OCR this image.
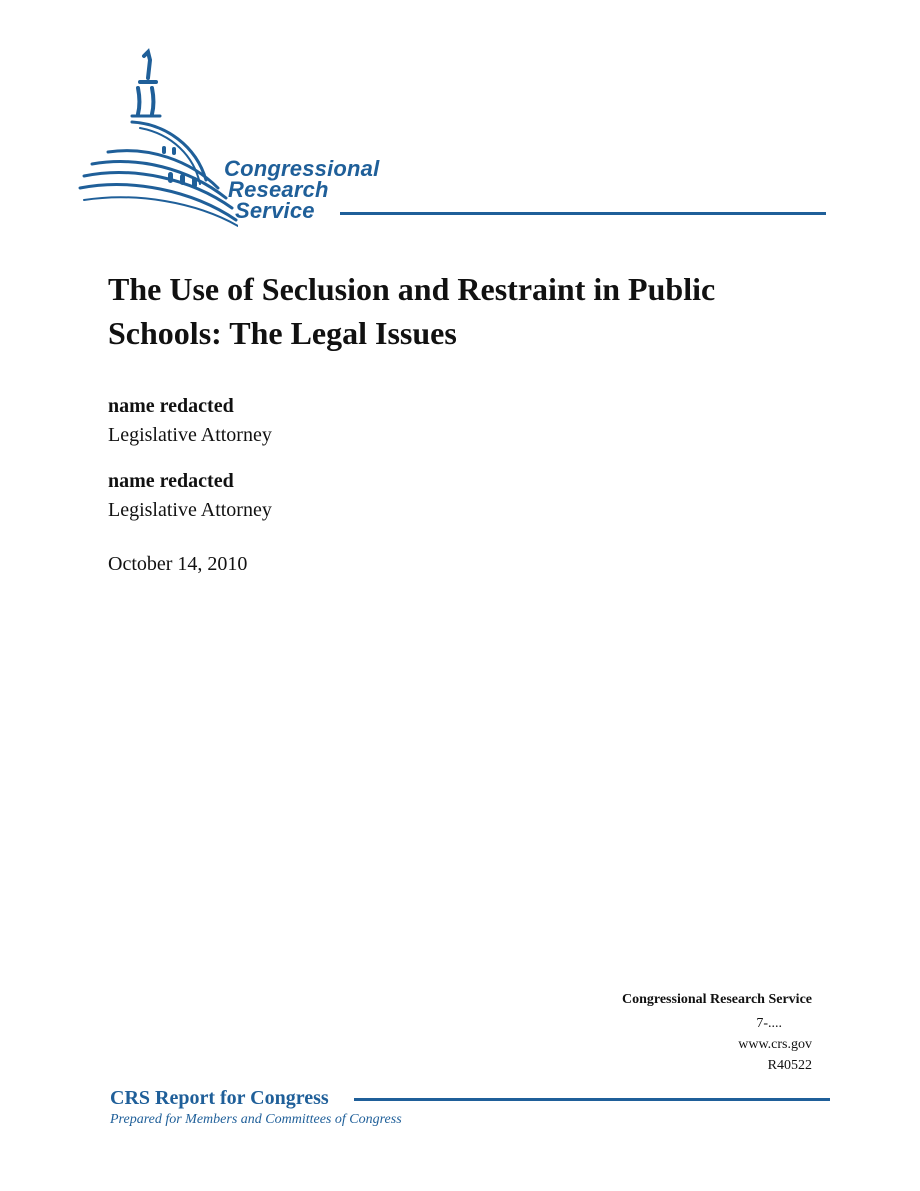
Congressional
Research
Service
The Use of Seclusion and Restraint in Public Schools: The Legal Issues
name redacted
Legislative Attorney
name redacted
Legislative Attorney
October 14, 2010
Congressional Research Service
7-....
www.crs.gov
R40522
CRS Report for Congress
Prepared for Members and Committees of Congress
